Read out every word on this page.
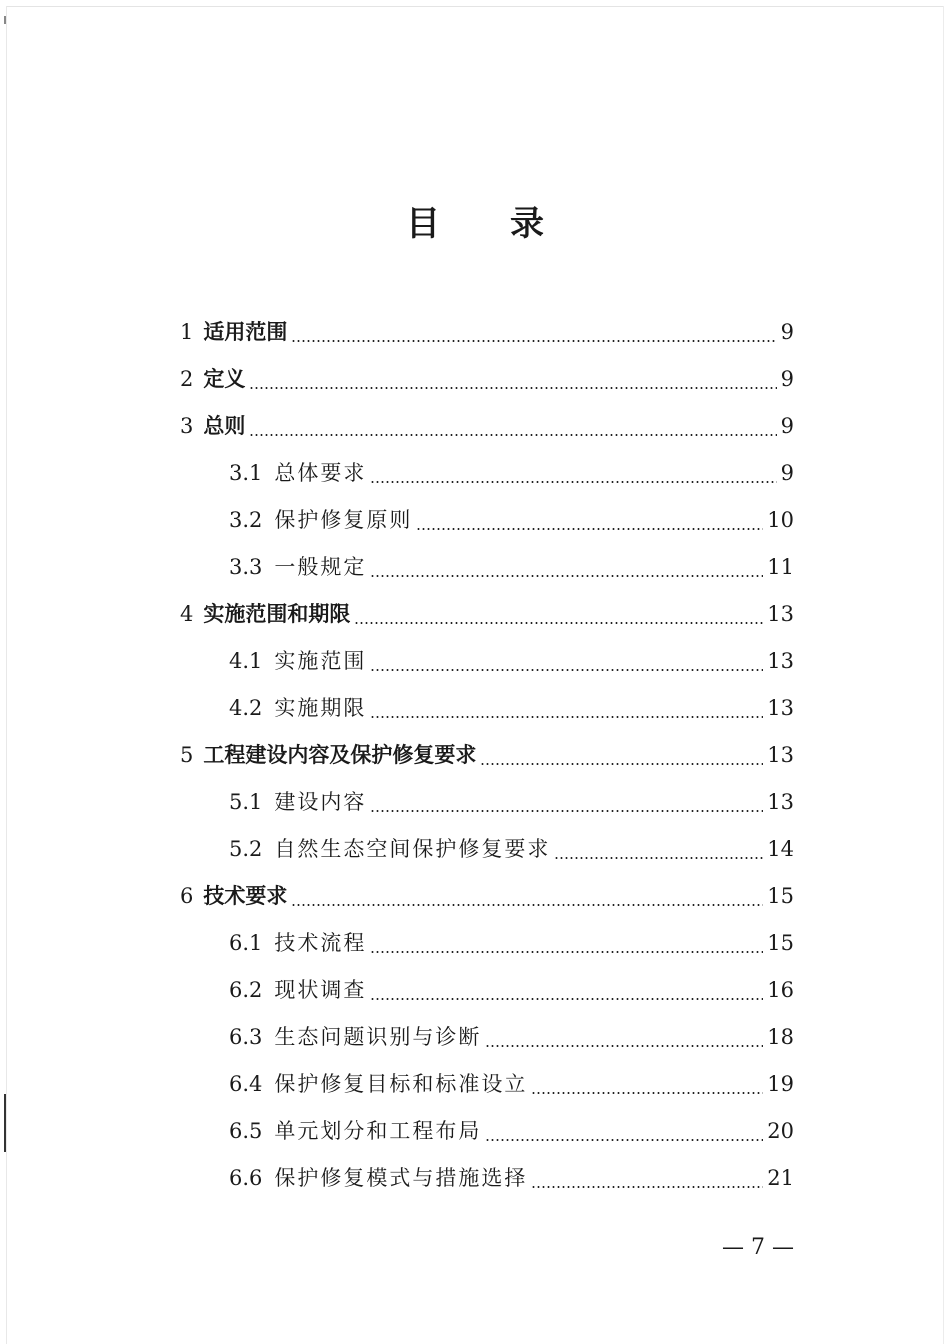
目录
1 适用范围	9
2 定义	9
3 总则	9
3.1 总体要求	9
3.2 保护修复原则	10
3.3 一般规定	11
4 实施范围和期限	13
4.1 实施范围	13
4.2 实施期限	13
5 工程建设内容及保护修复要求	13
5.1 建设内容	13
5.2 自然生态空间保护修复要求	14
6 技术要求	15
6.1 技术流程	15
6.2 现状调查	16
6.3 生态问题识别与诊断	18
6.4 保护修复目标和标准设立	19
6.5 单元划分和工程布局	20
6.6 保护修复模式与措施选择	21
— 7 —
